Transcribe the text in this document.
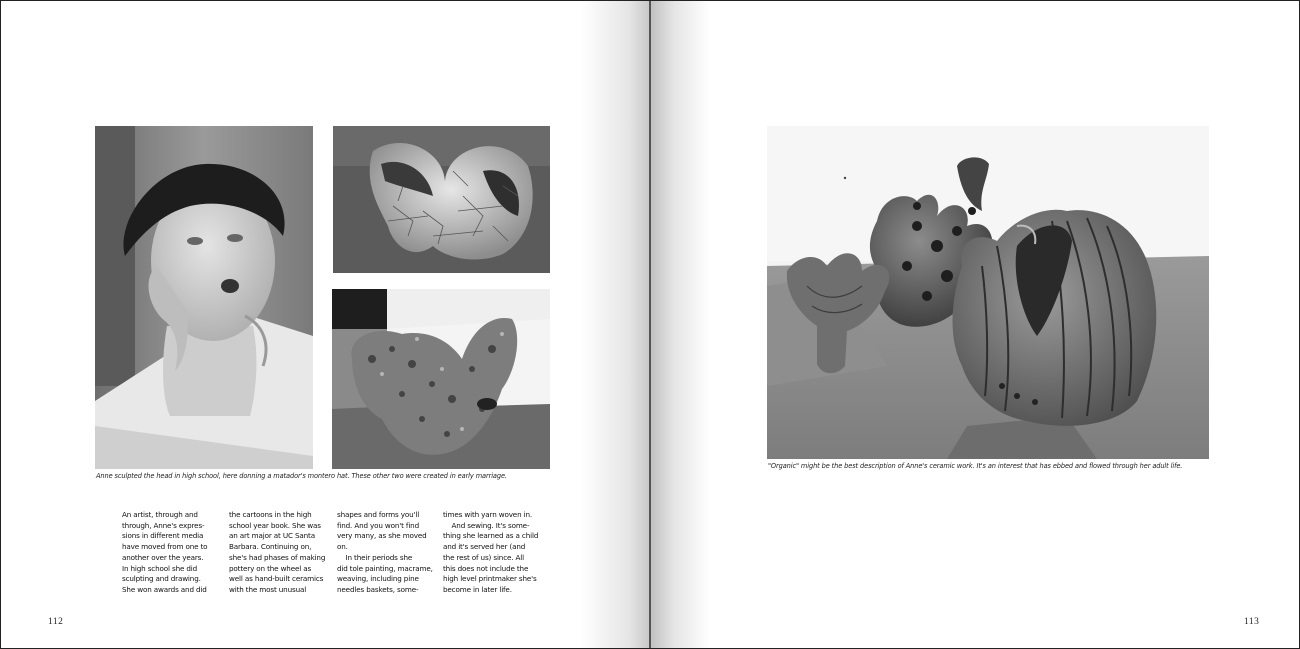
Anne sculpted the head in high school, here donning a matador's montero hat. These other two were created in early marriage.
An artist, through and
through, Anne's expres-
sions in different media
have moved from one to
another over the years.
In high school she did
sculpting and drawing.
She won awards and did
the cartoons in the high
school year book. She was
an art major at UC Santa
Barbara. Continuing on,
she's had phases of making
pottery on the wheel as
well as hand-built ceramics
with the most unusual
shapes and forms you'll
find. And you won't find
very many, as she moved
on.
In their periods she
did tole painting, macrame,
weaving, including pine
needles baskets, some-
times with yarn woven in.
And sewing. It's some-
thing she learned as a child
and it's served her (and
the rest of us) since. All
this does not include the
high level printmaker she's
become in later life.
112
"Organic" might be the best description of Anne's ceramic work. It's an interest that has ebbed and flowed through her adult life.
113
